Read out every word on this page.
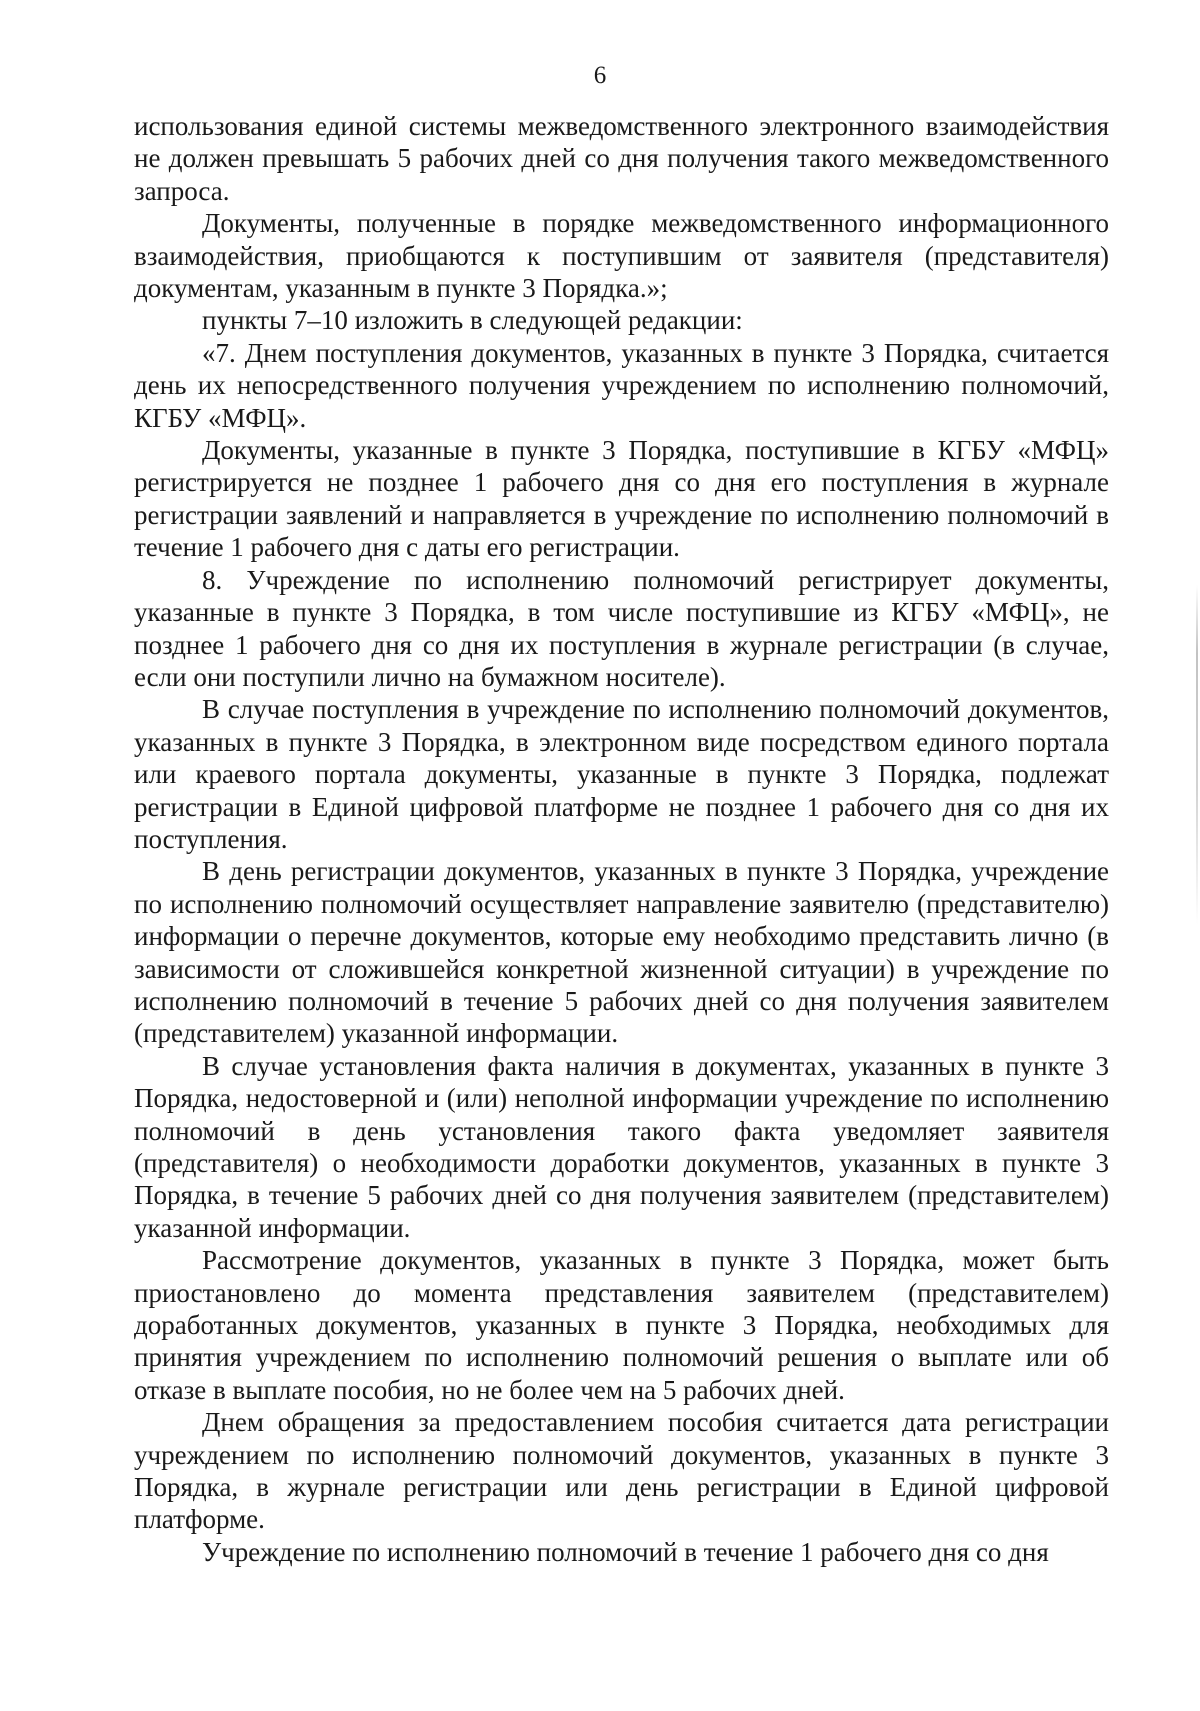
6

использования единой системы межведомственного электронного взаимодействия не должен превышать 5 рабочих дней со дня получения такого межведомственного запроса.

Документы, полученные в порядке межведомственного информационного взаимодействия, приобщаются к поступившим от заявителя (представителя) документам, указанным в пункте 3 Порядка.»;

пункты 7–10 изложить в следующей редакции:

«7. Днем поступления документов, указанных в пункте 3 Порядка, считается день их непосредственного получения учреждением по исполнению полномочий, КГБУ «МФЦ».

Документы, указанные в пункте 3 Порядка, поступившие в КГБУ «МФЦ» регистрируется не позднее 1 рабочего дня со дня его поступления в журнале регистрации заявлений и направляется в учреждение по исполнению полномочий в течение 1 рабочего дня с даты его регистрации.

8. Учреждение по исполнению полномочий регистрирует документы, указанные в пункте 3 Порядка, в том числе поступившие из КГБУ «МФЦ», не позднее 1 рабочего дня со дня их поступления в журнале регистрации (в случае, если они поступили лично на бумажном носителе).

В случае поступления в учреждение по исполнению полномочий документов, указанных в пункте 3 Порядка, в электронном виде посредством единого портала или краевого портала документы, указанные в пункте 3 Порядка, подлежат регистрации в Единой цифровой платформе не позднее 1 рабочего дня со дня их поступления.

В день регистрации документов, указанных в пункте 3 Порядка, учреждение по исполнению полномочий осуществляет направление заявителю (представителю) информации о перечне документов, которые ему необходимо представить лично (в зависимости от сложившейся конкретной жизненной ситуации) в учреждение по исполнению полномочий в течение 5 рабочих дней со дня получения заявителем (представителем) указанной информации.

В случае установления факта наличия в документах, указанных в пункте 3 Порядка, недостоверной и (или) неполной информации учреждение по исполнению полномочий в день установления такого факта уведомляет заявителя (представителя) о необходимости доработки документов, указанных в пункте 3 Порядка, в течение 5 рабочих дней со дня получения заявителем (представителем) указанной информации.

Рассмотрение документов, указанных в пункте 3 Порядка, может быть приостановлено до момента представления заявителем (представителем) доработанных документов, указанных в пункте 3 Порядка, необходимых для принятия учреждением по исполнению полномочий решения о выплате или об отказе в выплате пособия, но не более чем на 5 рабочих дней.

Днем обращения за предоставлением пособия считается дата регистрации учреждением по исполнению полномочий документов, указанных в пункте 3 Порядка, в журнале регистрации или день регистрации в Единой цифровой платформе.

Учреждение по исполнению полномочий в течение 1 рабочего дня со дня
